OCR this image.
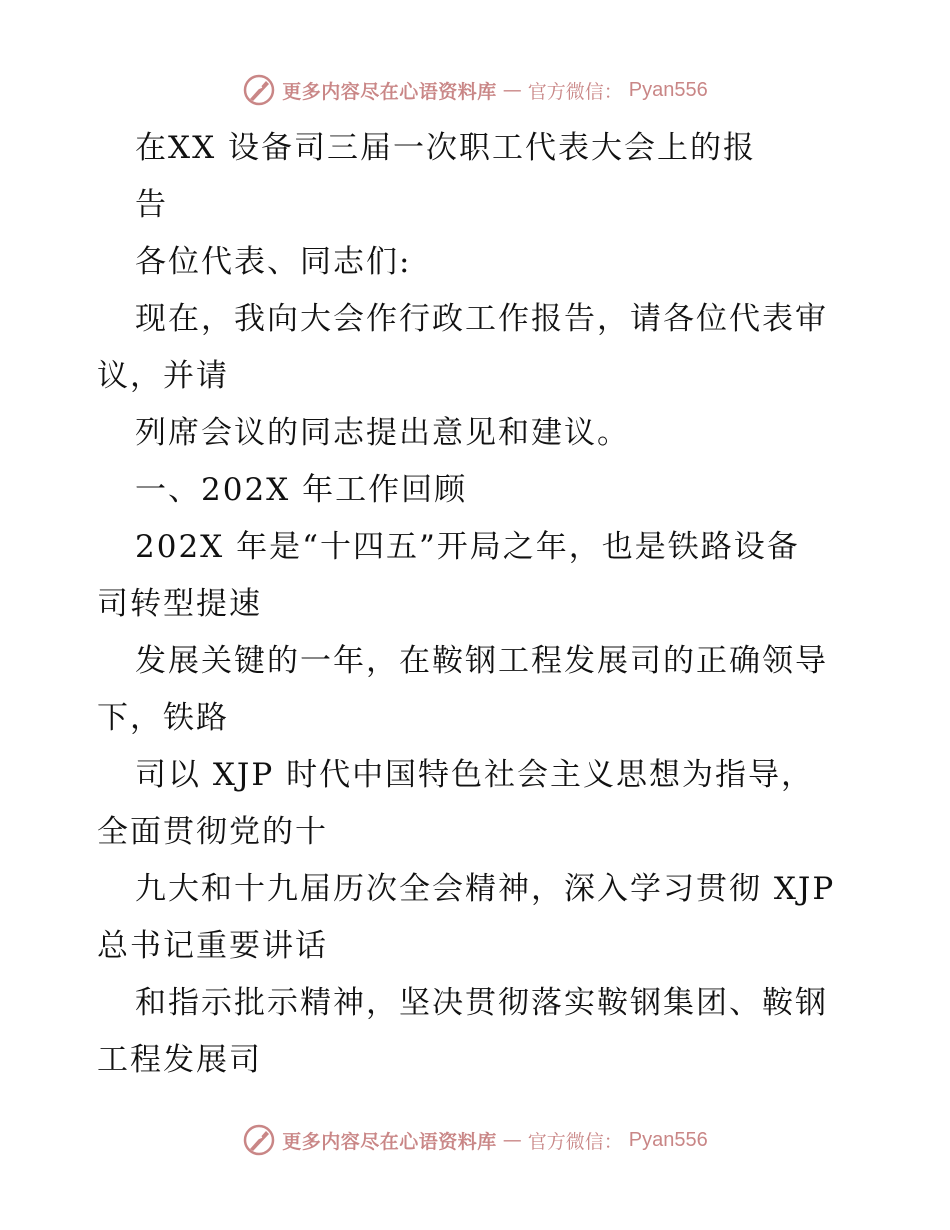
更多内容尽在心语资料库 — 官方微信： Pyan556
在XX 设备司三届一次职工代表大会上的报
告
各位代表、同志们:
现在，我向大会作行政工作报告，请各位代表审
议，并请
列席会议的同志提出意见和建议。
一、202X 年工作回顾
202X 年是“十四五”开局之年，也是铁路设备
司转型提速
发展关键的一年，在鞍钢工程发展司的正确领导
下，铁路
司以 XJP 时代中国特色社会主义思想为指导，
全面贯彻党的十
九大和十九届历次全会精神，深入学习贯彻 XJP
总书记重要讲话
和指示批示精神，坚决贯彻落实鞍钢集团、鞍钢
工程发展司
更多内容尽在心语资料库 — 官方微信： Pyan556
